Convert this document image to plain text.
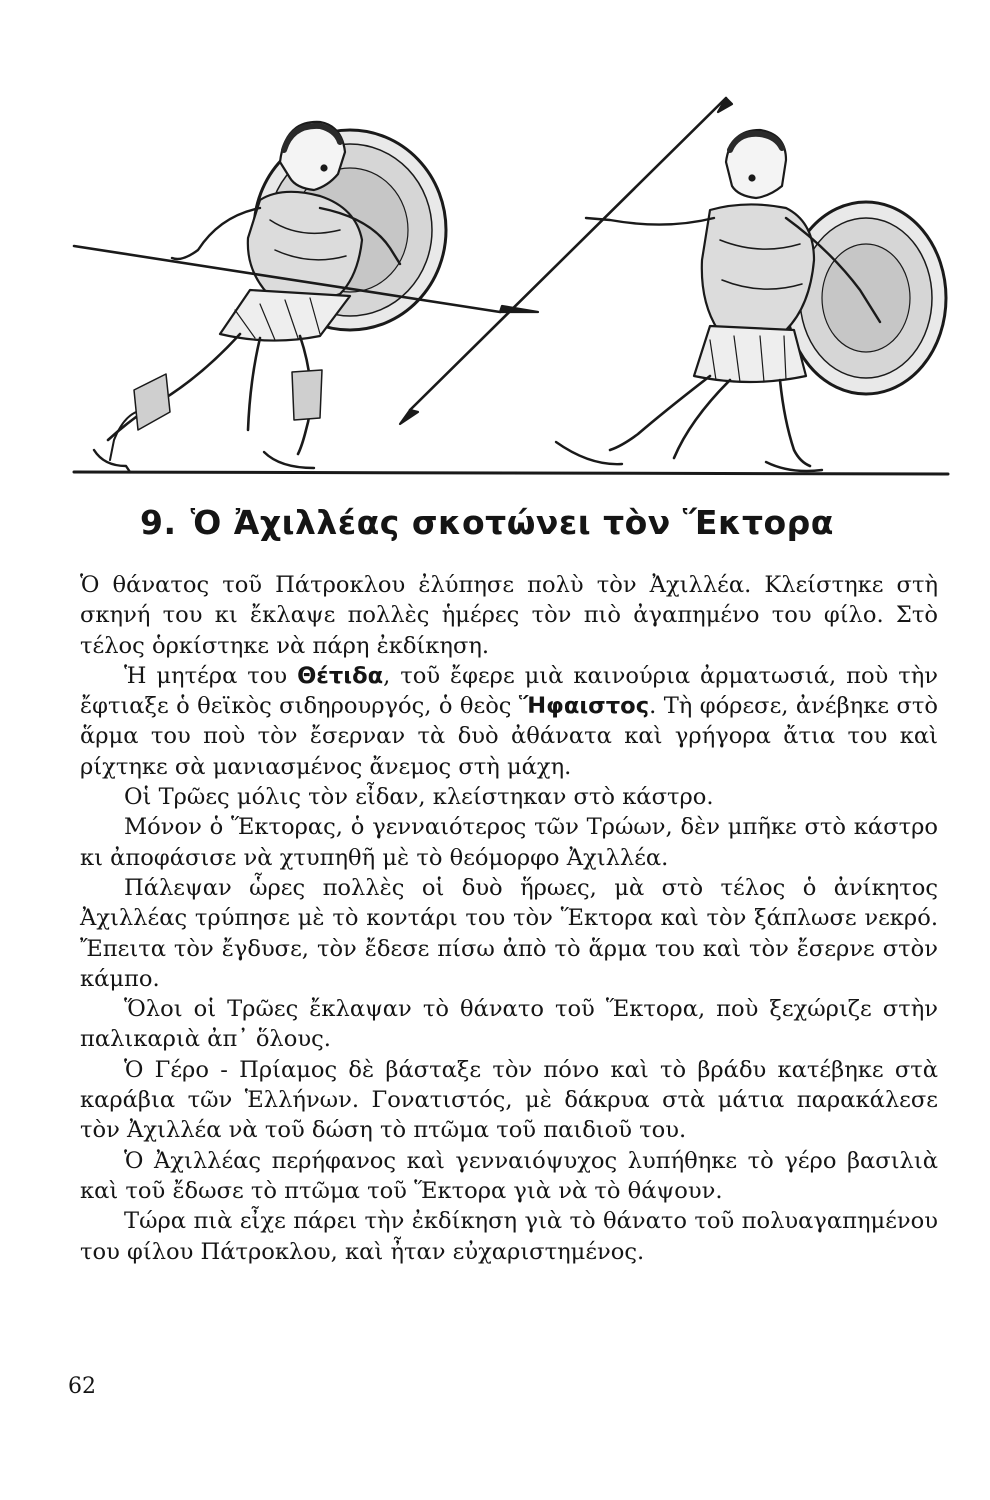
9. Ὁ Ἀχιλλέας σκοτώνει τὸν Ἕκτορα

Ὁ θάνατος τοῦ Πάτροκλου ἐλύπησε πολὺ τὸν Ἀχιλλέα. Κλείστηκε στὴ σκηνή του κι ἔκλαψε πολλὲς ἡμέρες τὸν πιὸ ἀγαπημένο του φίλο. Στὸ τέλος ὁρκίστηκε νὰ πάρη ἐκδίκηση.

Ἡ μητέρα του Θέτιδα, τοῦ ἔφερε μιὰ καινούρια ἀρματωσιά, ποὺ τὴν ἔφτιαξε ὁ θεϊκὸς σιδηρουργός, ὁ θεὸς Ἥφαιστος. Τὴ φόρεσε, ἀνέβηκε στὸ ἅρμα του ποὺ τὸν ἔσερναν τὰ δυὸ ἀθάνατα καὶ γρήγορα ἄτια του καὶ ρίχτηκε σὰ μανιασμένος ἄνεμος στὴ μάχη.

Οἱ Τρῶες μόλις τὸν εἶδαν, κλείστηκαν στὸ κάστρο.

Μόνον ὁ Ἕκτορας, ὁ γενναιότερος τῶν Τρώων, δὲν μπῆκε στὸ κάστρο κι ἀποφάσισε νὰ χτυπηθῆ μὲ τὸ θεόμορφο Ἀχιλλέα.

Πάλεψαν ὧρες πολλὲς οἱ δυὸ ἥρωες, μὰ στὸ τέλος ὁ ἀνίκητος Ἀχιλλέας τρύπησε μὲ τὸ κοντάρι του τὸν Ἕκτορα καὶ τὸν ξάπλωσε νεκρό. Ἔπειτα τὸν ἔγδυσε, τὸν ἔδεσε πίσω ἀπὸ τὸ ἅρμα του καὶ τὸν ἔσερνε στὸν κάμπο.

Ὅλοι οἱ Τρῶες ἔκλαψαν τὸ θάνατο τοῦ Ἕκτορα, ποὺ ξεχώριζε στὴν παλικαριὰ ἀπ᾿ ὅλους.

Ὁ Γέρο - Πρίαμος δὲ βάσταξε τὸν πόνο καὶ τὸ βράδυ κατέβηκε στὰ καράβια τῶν Ἑλλήνων. Γονατιστός, μὲ δάκρυα στὰ μάτια παρακάλεσε τὸν Ἀχιλλέα νὰ τοῦ δώση τὸ πτῶμα τοῦ παιδιοῦ του.

Ὁ Ἀχιλλέας περήφανος καὶ γενναιόψυχος λυπήθηκε τὸ γέρο βασιλιὰ καὶ τοῦ ἔδωσε τὸ πτῶμα τοῦ Ἕκτορα γιὰ νὰ τὸ θάψουν.

Τώρα πιὰ εἶχε πάρει τὴν ἐκδίκηση γιὰ τὸ θάνατο τοῦ πολυαγαπημένου του φίλου Πάτροκλου, καὶ ἦταν εὐχαριστημένος.

62
